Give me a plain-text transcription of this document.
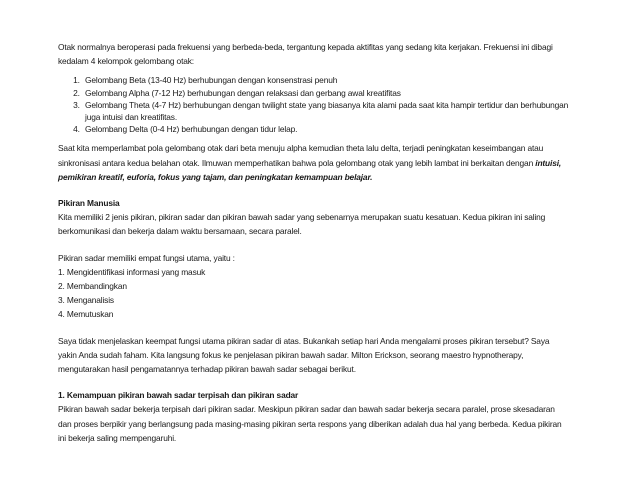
Otak normalnya beroperasi pada frekuensi yang berbeda-beda, tergantung kepada aktifitas yang sedang kita kerjakan. Frekuensi ini dibagi kedalam 4 kelompok gelombang otak:

1. Gelombang Beta (13-40 Hz) berhubungan dengan konsenstrasi penuh
2. Gelombang Alpha (7-12 Hz) berhubungan dengan relaksasi dan gerbang awal kreatifitas
3. Gelombang Theta (4-7 Hz) berhubungan dengan twilight state yang biasanya kita alami pada saat kita hampir tertidur dan berhubungan juga intuisi dan kreatifitas.
4. Gelombang Delta (0-4 Hz) berhubungan dengan tidur lelap.

Saat kita memperlambat pola gelombang otak dari beta menuju alpha kemudian theta lalu delta, terjadi peningkatan keseimbangan atau sinkronisasi antara kedua belahan otak. Ilmuwan memperhatikan bahwa pola gelombang otak yang lebih lambat ini berkaitan dengan intuisi, pemikiran kreatif, euforia, fokus yang tajam, dan peningkatan kemampuan belajar.

Pikiran Manusia

Kita memiliki 2 jenis pikiran, pikiran sadar dan pikiran bawah sadar yang sebenarnya merupakan suatu kesatuan. Kedua pikiran ini saling berkomunikasi dan bekerja dalam waktu bersamaan, secara paralel.

Pikiran sadar memiliki empat fungsi utama, yaitu :

1. Mengidentifikasi informasi yang masuk

2. Membandingkan

3. Menganalisis

4. Memutuskan

Saya tidak menjelaskan keempat fungsi utama pikiran sadar di atas. Bukankah setiap hari Anda mengalami proses pikiran tersebut? Saya yakin Anda sudah faham. Kita langsung fokus ke penjelasan pikiran bawah sadar. Milton Erickson, seorang maestro hypnotherapy, mengutarakan hasil pengamatannya terhadap pikiran bawah sadar sebagai berikut.

1. Kemampuan pikiran bawah sadar terpisah dan pikiran sadar

Pikiran bawah sadar bekerja terpisah dari pikiran sadar. Meskipun pikiran sadar dan bawah sadar bekerja secara paralel, prose skesadaran dan proses berpikir yang berlangsung pada masing-masing pikiran serta respons yang diberikan adalah dua hal yang berbeda. Kedua pikiran ini bekerja saling mempengaruhi.
